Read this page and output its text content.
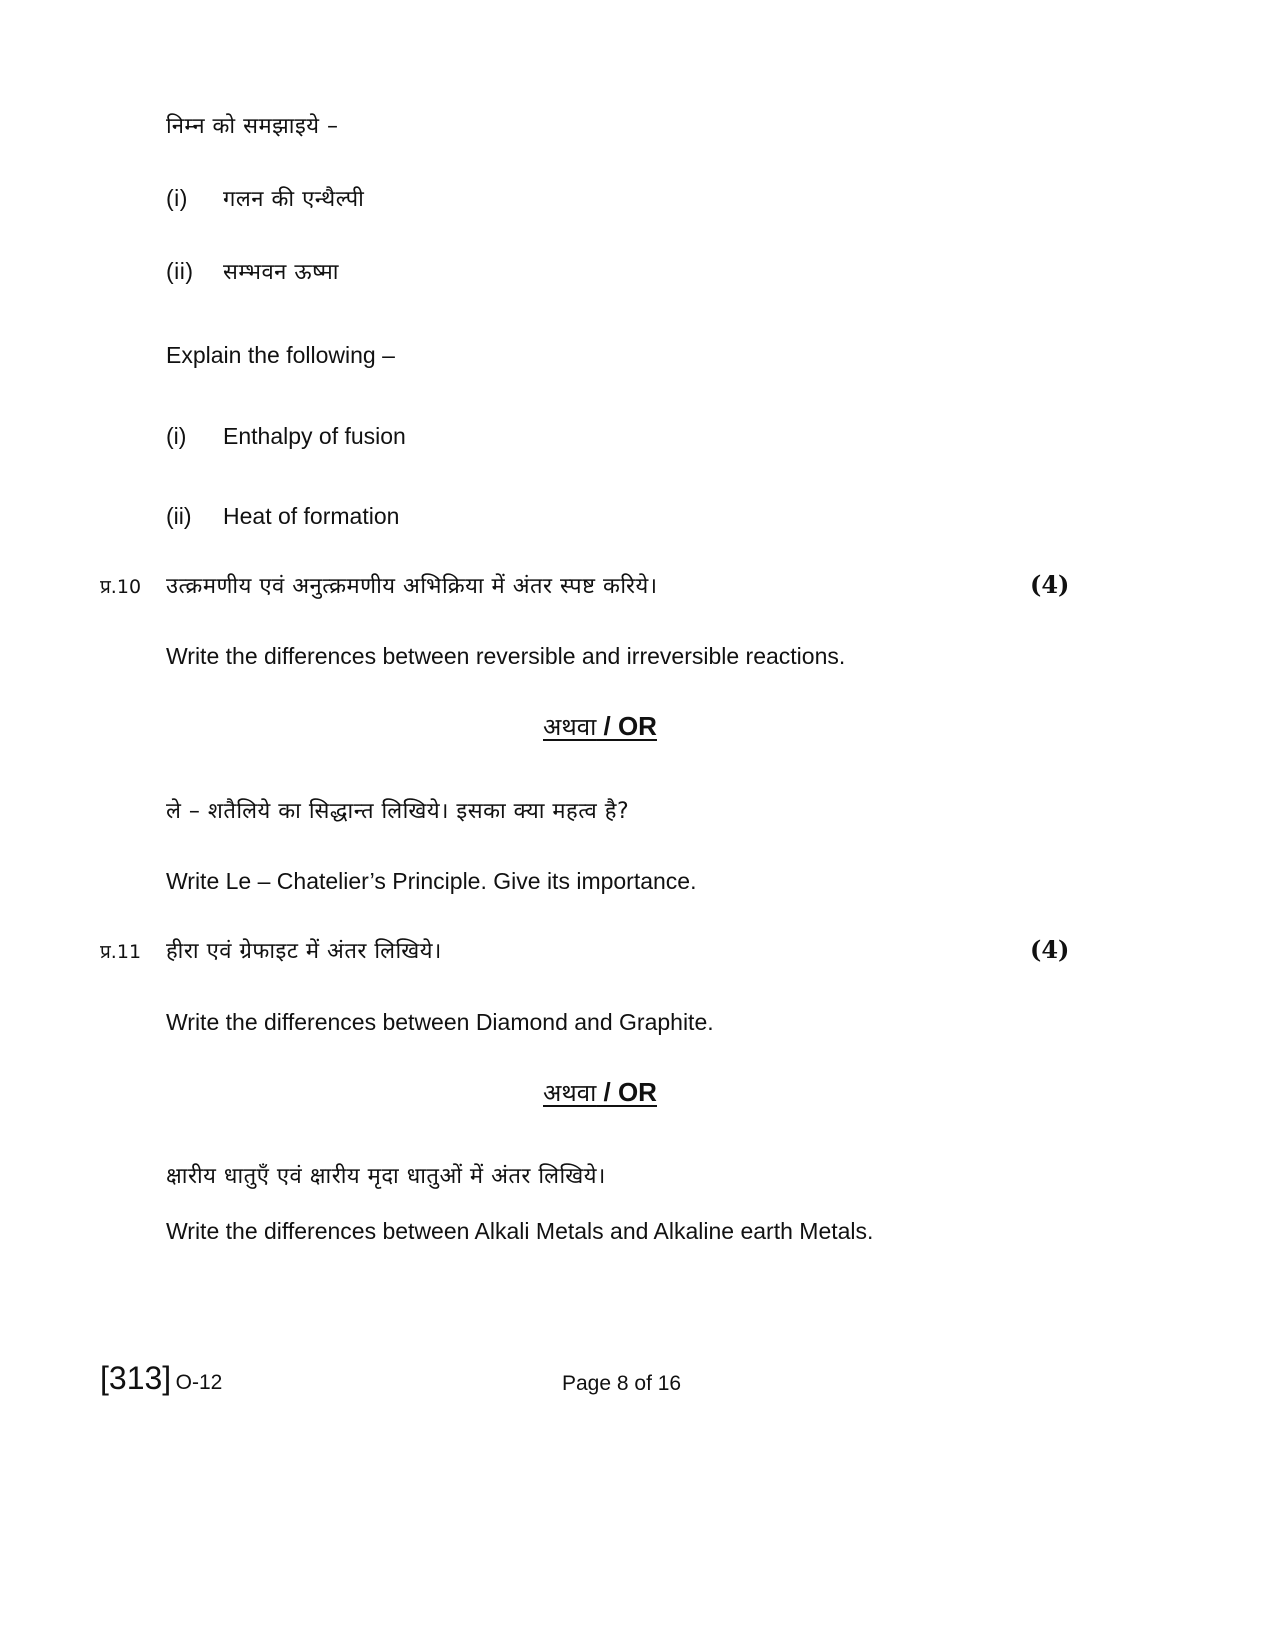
निम्न को समझाइये –
(i) गलन की एन्थैल्पी
(ii) सम्भवन ऊष्मा
Explain the following –
(i) Enthalpy of fusion
(ii) Heat of formation
प्र.10 उत्क्रमणीय एवं अनुत्क्रमणीय अभिक्रिया में अंतर स्पष्ट करिये।	(4)
Write the differences between reversible and irreversible reactions.
अथवा / OR
ले – शतैलिये का सिद्धान्त लिखिये। इसका क्या महत्व है?
Write Le – Chatelier’s Principle. Give its importance.
प्र.11 हीरा एवं ग्रेफाइट में अंतर लिखिये।	(4)
Write the differences between Diamond and Graphite.
अथवा / OR
क्षारीय धातुएँ एवं क्षारीय मृदा धातुओं में अंतर लिखिये।
Write the differences between Alkali Metals and Alkaline earth Metals.
[313] O-12	Page 8 of 16
